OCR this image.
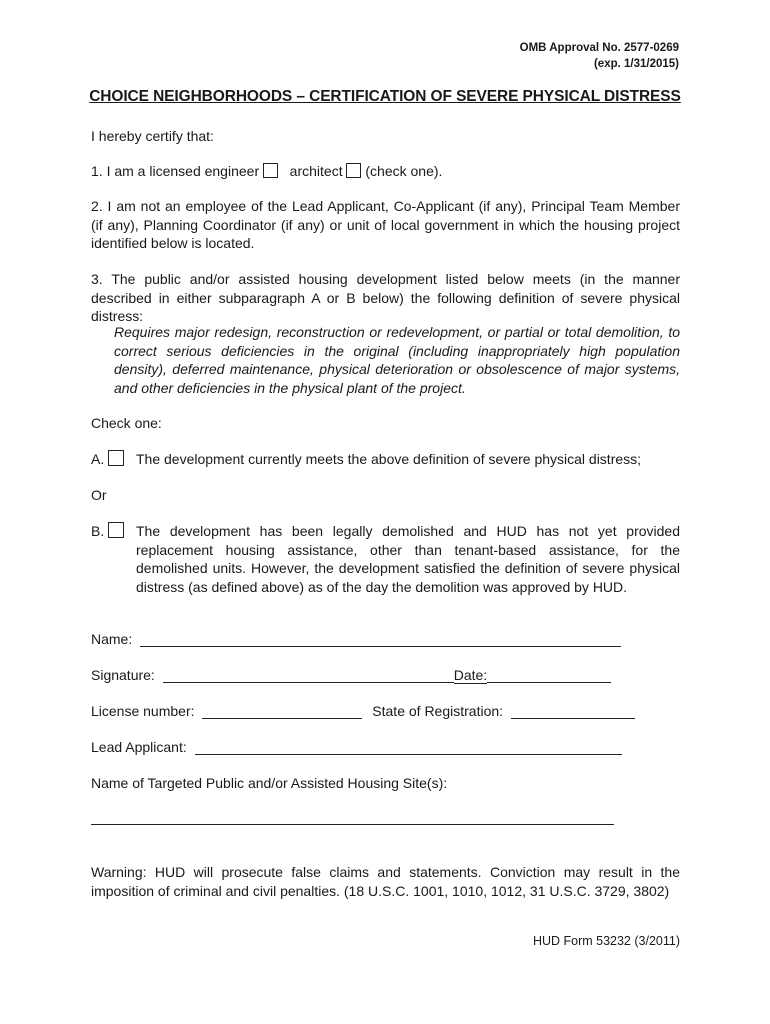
OMB Approval No. 2577-0269
(exp. 1/31/2015)
CHOICE NEIGHBORHOODS – CERTIFICATION OF SEVERE PHYSICAL DISTRESS
I hereby certify that:
1. I am a licensed engineer architect (check one).
2. I am not an employee of the Lead Applicant, Co-Applicant (if any), Principal Team Member (if any), Planning Coordinator (if any) or unit of local government in which the housing project identified below is located.
3. The public and/or assisted housing development listed below meets (in the manner described in either subparagraph A or B below) the following definition of severe physical distress:
Requires major redesign, reconstruction or redevelopment, or partial or total demolition, to correct serious deficiencies in the original (including inappropriately high population density), deferred maintenance, physical deterioration or obsolescence of major systems, and other deficiencies in the physical plant of the project.
Check one:
A.	The development currently meets the above definition of severe physical distress;
Or
B.	The development has been legally demolished and HUD has not yet provided replacement housing assistance, other than tenant-based assistance, for the demolished units. However, the development satisfied the definition of severe physical distress (as defined above) as of the day the demolition was approved by HUD.
Name:
Signature:	Date:
License number:	State of Registration:
Lead Applicant:
Name of Targeted Public and/or Assisted Housing Site(s):
Warning: HUD will prosecute false claims and statements. Conviction may result in the imposition of criminal and civil penalties. (18 U.S.C. 1001, 1010, 1012, 31 U.S.C. 3729, 3802)
HUD Form 53232 (3/2011)
